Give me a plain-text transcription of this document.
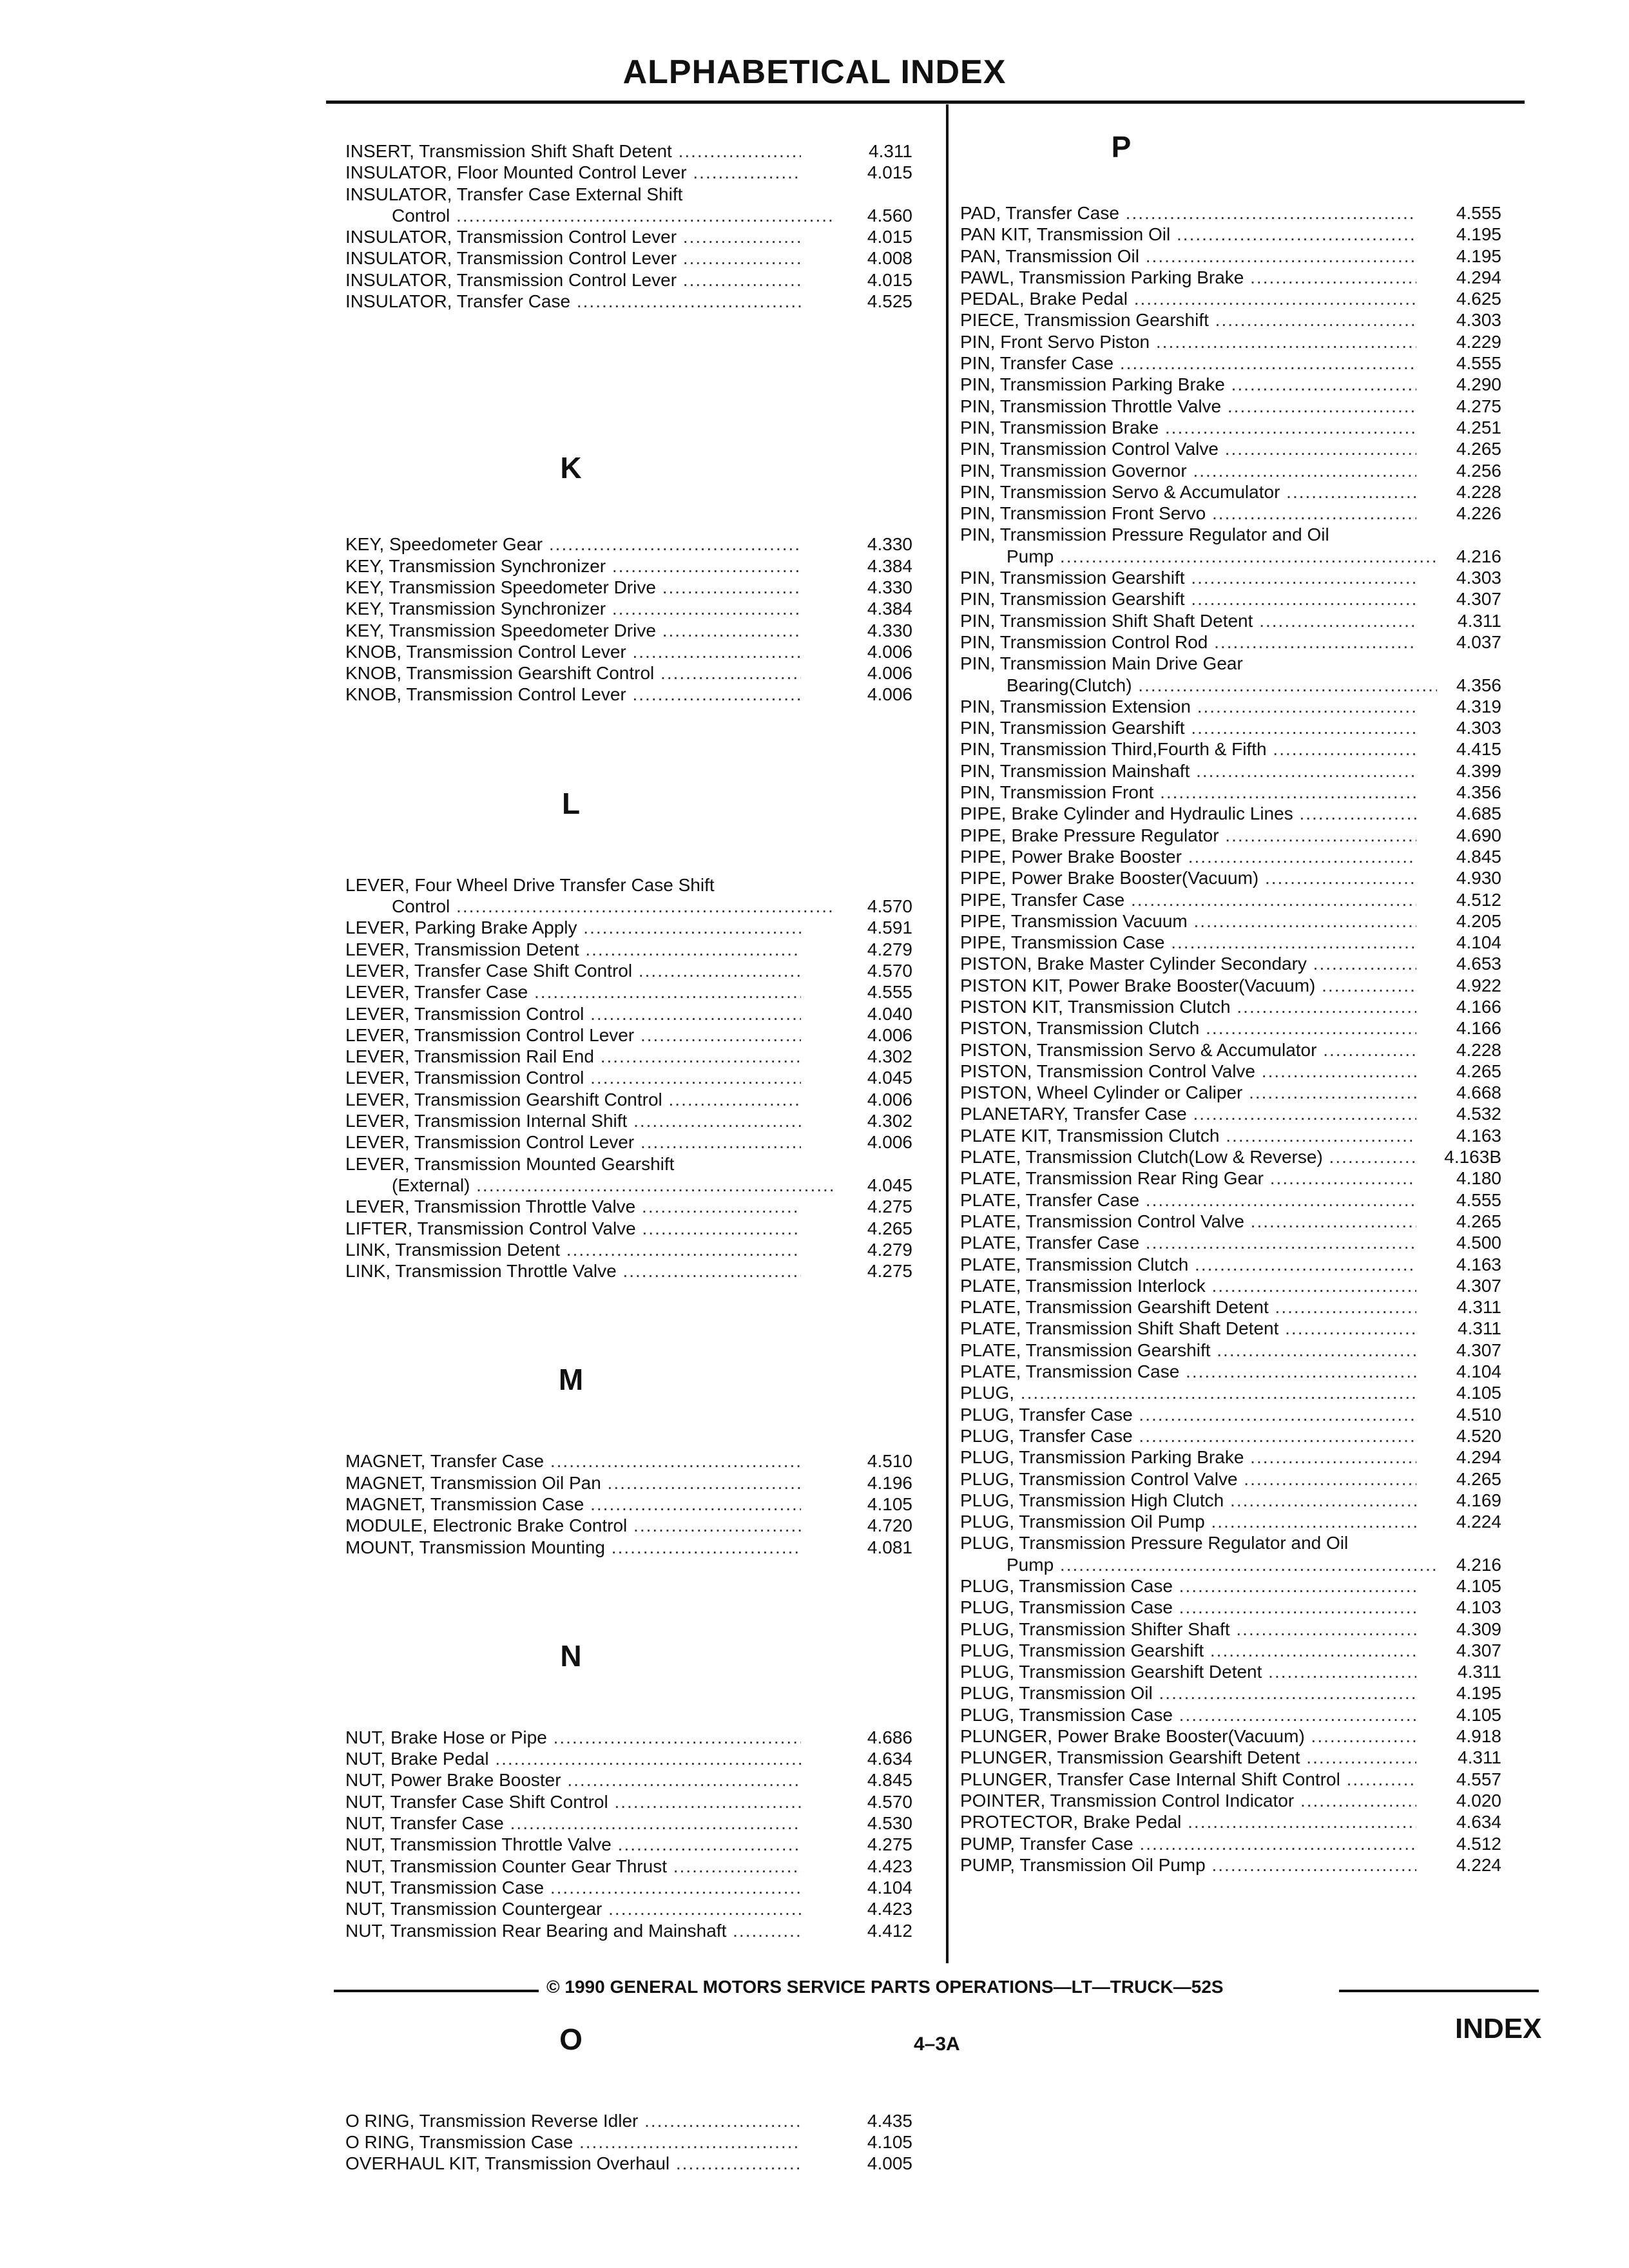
ALPHABETICAL INDEX
INSERT, Transmission Shift Shaft Detent .....	4.311
INSULATOR, Floor Mounted Control Lever .....	4.015
INSULATOR, Transfer Case External Shift
Control .....	4.560
INSULATOR, Transmission Control Lever .....	4.015
INSULATOR, Transmission Control Lever .....	4.008
INSULATOR, Transmission Control Lever .....	4.015
INSULATOR, Transfer Case .....	4.525
K
KEY, Speedometer Gear .....	4.330
KEY, Transmission Synchronizer .....	4.384
KEY, Transmission Speedometer Drive .....	4.330
KEY, Transmission Synchronizer .....	4.384
KEY, Transmission Speedometer Drive .....	4.330
KNOB, Transmission Control Lever .....	4.006
KNOB, Transmission Gearshift Control .....	4.006
KNOB, Transmission Control Lever .....	4.006
L
LEVER, Four Wheel Drive Transfer Case Shift
Control .....	4.570
LEVER, Parking Brake Apply .....	4.591
LEVER, Transmission Detent .....	4.279
LEVER, Transfer Case Shift Control .....	4.570
LEVER, Transfer Case .....	4.555
LEVER, Transmission Control .....	4.040
LEVER, Transmission Control Lever .....	4.006
LEVER, Transmission Rail End .....	4.302
LEVER, Transmission Control .....	4.045
LEVER, Transmission Gearshift Control .....	4.006
LEVER, Transmission Internal Shift .....	4.302
LEVER, Transmission Control Lever .....	4.006
LEVER, Transmission Mounted Gearshift
(External) .....	4.045
LEVER, Transmission Throttle Valve .....	4.275
LIFTER, Transmission Control Valve .....	4.265
LINK, Transmission Detent .....	4.279
LINK, Transmission Throttle Valve .....	4.275
M
MAGNET, Transfer Case .....	4.510
MAGNET, Transmission Oil Pan .....	4.196
MAGNET, Transmission Case .....	4.105
MODULE, Electronic Brake Control .....	4.720
MOUNT, Transmission Mounting .....	4.081
N
NUT, Brake Hose or Pipe .....	4.686
NUT, Brake Pedal .....	4.634
NUT, Power Brake Booster .....	4.845
NUT, Transfer Case Shift Control .....	4.570
NUT, Transfer Case .....	4.530
NUT, Transmission Throttle Valve .....	4.275
NUT, Transmission Counter Gear Thrust .....	4.423
NUT, Transmission Case .....	4.104
NUT, Transmission Countergear .....	4.423
NUT, Transmission Rear Bearing and Mainshaft .....	4.412
O
O RING, Transmission Reverse Idler .....	4.435
O RING, Transmission Case .....	4.105
OVERHAUL KIT, Transmission Overhaul .....	4.005
P
PAD, Transfer Case .....	4.555
PAN KIT, Transmission Oil .....	4.195
PAN, Transmission Oil .....	4.195
PAWL, Transmission Parking Brake .....	4.294
PEDAL, Brake Pedal .....	4.625
PIECE, Transmission Gearshift .....	4.303
PIN, Front Servo Piston .....	4.229
PIN, Transfer Case .....	4.555
PIN, Transmission Parking Brake .....	4.290
PIN, Transmission Throttle Valve .....	4.275
PIN, Transmission Brake .....	4.251
PIN, Transmission Control Valve .....	4.265
PIN, Transmission Governor .....	4.256
PIN, Transmission Servo & Accumulator .....	4.228
PIN, Transmission Front Servo .....	4.226
PIN, Transmission Pressure Regulator and Oil
Pump .....	4.216
PIN, Transmission Gearshift .....	4.303
PIN, Transmission Gearshift .....	4.307
PIN, Transmission Shift Shaft Detent .....	4.311
PIN, Transmission Control Rod .....	4.037
PIN, Transmission Main Drive Gear
Bearing(Clutch) .....	4.356
PIN, Transmission Extension .....	4.319
PIN, Transmission Gearshift .....	4.303
PIN, Transmission Third,Fourth & Fifth .....	4.415
PIN, Transmission Mainshaft .....	4.399
PIN, Transmission Front .....	4.356
PIPE, Brake Cylinder and Hydraulic Lines .....	4.685
PIPE, Brake Pressure Regulator .....	4.690
PIPE, Power Brake Booster .....	4.845
PIPE, Power Brake Booster(Vacuum) .....	4.930
PIPE, Transfer Case .....	4.512
PIPE, Transmission Vacuum .....	4.205
PIPE, Transmission Case .....	4.104
PISTON, Brake Master Cylinder Secondary .....	4.653
PISTON KIT, Power Brake Booster(Vacuum) .....	4.922
PISTON KIT, Transmission Clutch .....	4.166
PISTON, Transmission Clutch .....	4.166
PISTON, Transmission Servo & Accumulator .....	4.228
PISTON, Transmission Control Valve .....	4.265
PISTON, Wheel Cylinder or Caliper .....	4.668
PLANETARY, Transfer Case .....	4.532
PLATE KIT, Transmission Clutch .....	4.163
PLATE, Transmission Clutch(Low & Reverse) .....	4.163B
PLATE, Transmission Rear Ring Gear .....	4.180
PLATE, Transfer Case .....	4.555
PLATE, Transmission Control Valve .....	4.265
PLATE, Transfer Case .....	4.500
PLATE, Transmission Clutch .....	4.163
PLATE, Transmission Interlock .....	4.307
PLATE, Transmission Gearshift Detent .....	4.311
PLATE, Transmission Shift Shaft Detent .....	4.311
PLATE, Transmission Gearshift .....	4.307
PLATE, Transmission Case .....	4.104
PLUG, .....	4.105
PLUG, Transfer Case .....	4.510
PLUG, Transfer Case .....	4.520
PLUG, Transmission Parking Brake .....	4.294
PLUG, Transmission Control Valve .....	4.265
PLUG, Transmission High Clutch .....	4.169
PLUG, Transmission Oil Pump .....	4.224
PLUG, Transmission Pressure Regulator and Oil
Pump .....	4.216
PLUG, Transmission Case .....	4.105
PLUG, Transmission Case .....	4.103
PLUG, Transmission Shifter Shaft .....	4.309
PLUG, Transmission Gearshift .....	4.307
PLUG, Transmission Gearshift Detent .....	4.311
PLUG, Transmission Oil .....	4.195
PLUG, Transmission Case .....	4.105
PLUNGER, Power Brake Booster(Vacuum) .....	4.918
PLUNGER, Transmission Gearshift Detent .....	4.311
PLUNGER, Transfer Case Internal Shift Control .....	4.557
POINTER, Transmission Control Indicator .....	4.020
PROTECTOR, Brake Pedal .....	4.634
PUMP, Transfer Case .....	4.512
PUMP, Transmission Oil Pump .....	4.224
© 1990 GENERAL MOTORS SERVICE PARTS OPERATIONS—LT—TRUCK—52S
4–3A	INDEX
